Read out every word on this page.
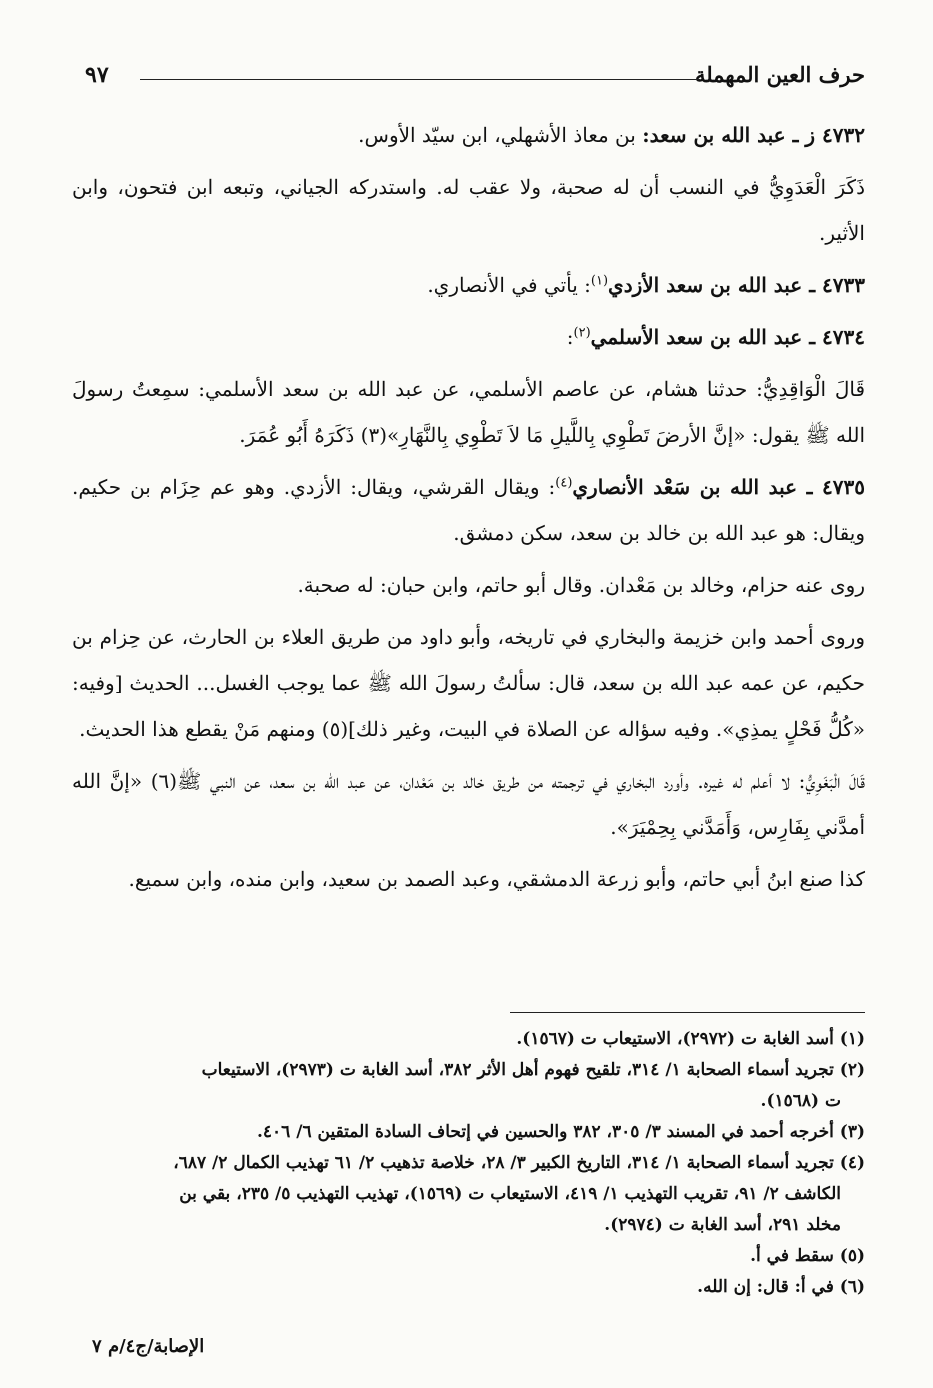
حرف العين المهملة
٩٧

٤٧٣٢ ز ـ عبد الله بن سعد: بن معاذ الأشهلي، ابن سيّد الأوس.

ذَكَرَ الْعَدَوِيُّ في النسب أن له صحبة، ولا عقب له. واستدركه الجياني، وتبعه ابن فتحون، وابن الأثير.

٤٧٣٣ ـ عبد الله بن سعد الأزدي$^{(١)}$: يأتي في الأنصاري.

٤٧٣٤ ـ عبد الله بن سعد الأسلمي$^{(٢)}$:

قَالَ الْوَاقِدِيُّ: حدثنا هشام، عن عاصم الأسلمي، عن عبد الله بن سعد الأسلمي: سمِعتُ رسولَ الله ﷺ يقول: «إنَّ الأرضَ تَطْوِي بِاللَّيلِ مَا لاَ تَطْوِي بِالنَّهَارِ»(٣) ذَكَرَهُ أَبُو عُمَرَ.

٤٧٣٥ ـ عبد الله بن سَعْد الأنصاري$^{(٤)}$: ويقال القرشي، ويقال: الأزدي. وهو عم حِزَام بن حكيم. ويقال: هو عبد الله بن خالد بن سعد، سكن دمشق.

روى عنه حزام، وخالد بن مَعْدان. وقال أبو حاتم، وابن حبان: له صحبة.

وروى أحمد وابن خزيمة والبخاري في تاريخه، وأبو داود من طريق العلاء بن الحارث، عن حِزام بن حكيم، عن عمه عبد الله بن سعد، قال: سألتُ رسولَ الله ﷺ عما يوجب الغسل... الحديث [وفيه: «كُلُّ فَحْلٍ يمذِي». وفيه سؤاله عن الصلاة في البيت، وغير ذلك](٥) ومنهم مَنْ يقطع هذا الحديث.

قَالَ الْبَغَوِيُّ: لا أعلم له غيره. وأورد البخاري في ترجمته من طريق خالد بن مَعْدان، عن عبد الله بن سعد، عن النبي ﷺ(٦) «إنَّ الله أمدَّني بِفَارِس، وَأَمَدَّني بِحِمْيَرَ».

كذا صنع ابنُ أبي حاتم، وأبو زرعة الدمشقي، وعبد الصمد بن سعيد، وابن منده، وابن سميع.

(١) أسد الغابة ت (٢٩٧٢)، الاستيعاب ت (١٥٦٧).

(٢) تجريد أسماء الصحابة ١/ ٣١٤، تلقيح فهوم أهل الأثر ٣٨٢، أسد الغابة ت (٢٩٧٣)، الاستيعاب

ت (١٥٦٨).

(٣) أخرجه أحمد في المسند ٣/ ٣٠٥، ٣٨٢ والحسين في إتحاف السادة المتقين ٦/ ٤٠٦.

(٤) تجريد أسماء الصحابة ١/ ٣١٤، التاريخ الكبير ٣/ ٢٨، خلاصة تذهيب ٢/ ٦١ تهذيب الكمال ٢/ ٦٨٧،

الكاشف ٢/ ٩١، تقريب التهذيب ١/ ٤١٩، الاستيعاب ت (١٥٦٩)، تهذيب التهذيب ٥/ ٢٣٥، بقي بن

مخلد ٢٩١، أسد الغابة ت (٢٩٧٤).

(٥) سقط في أ.

(٦) في أ: قال: إن الله.

الإصابة/ج٤/م ٧
